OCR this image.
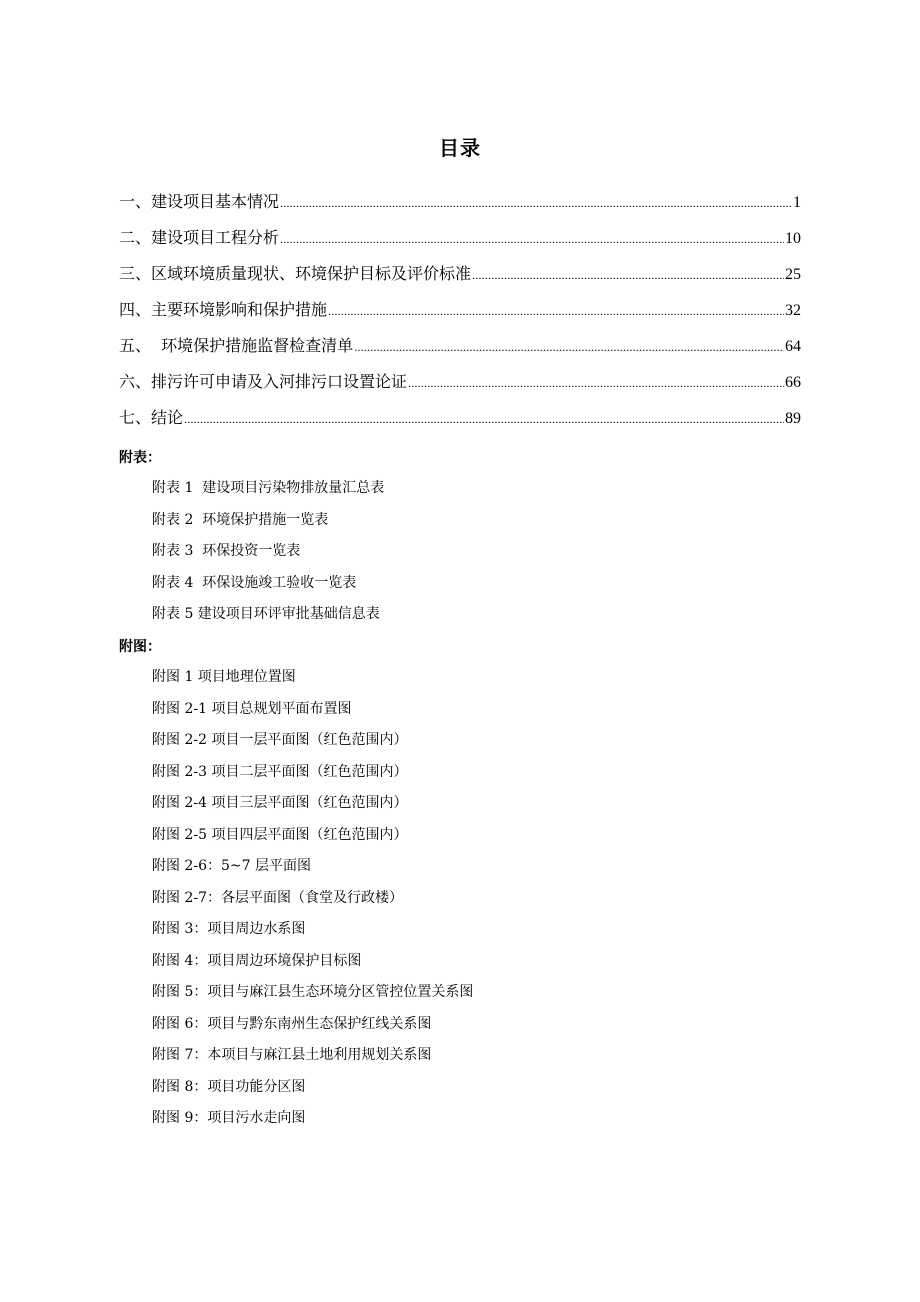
目录
一、建设项目基本情况 .....	1
二、建设项目工程分析 .....	10
三、区域环境质量现状、环境保护目标及评价标准 .....	25
四、主要环境影响和保护措施 .....	32
五、  环境保护措施监督检查清单 .....	64
六、排污许可申请及入河排污口设置论证 .....	66
七、结论 .....	89
附表：
附表 1  建设项目污染物排放量汇总表
附表 2  环境保护措施一览表
附表 3  环保投资一览表
附表 4  环保设施竣工验收一览表
附表 5 建设项目环评审批基础信息表
附图：
附图 1 项目地理位置图
附图 2-1 项目总规划平面布置图
附图 2-2 项目一层平面图（红色范围内）
附图 2-3 项目二层平面图（红色范围内）
附图 2-4 项目三层平面图（红色范围内）
附图 2-5 项目四层平面图（红色范围内）
附图 2-6：5~7 层平面图
附图 2-7：各层平面图（食堂及行政楼）
附图 3：项目周边水系图
附图 4：项目周边环境保护目标图
附图 5：项目与麻江县生态环境分区管控位置关系图
附图 6：项目与黔东南州生态保护红线关系图
附图 7：本项目与麻江县土地利用规划关系图
附图 8：项目功能分区图
附图 9：项目污水走向图
